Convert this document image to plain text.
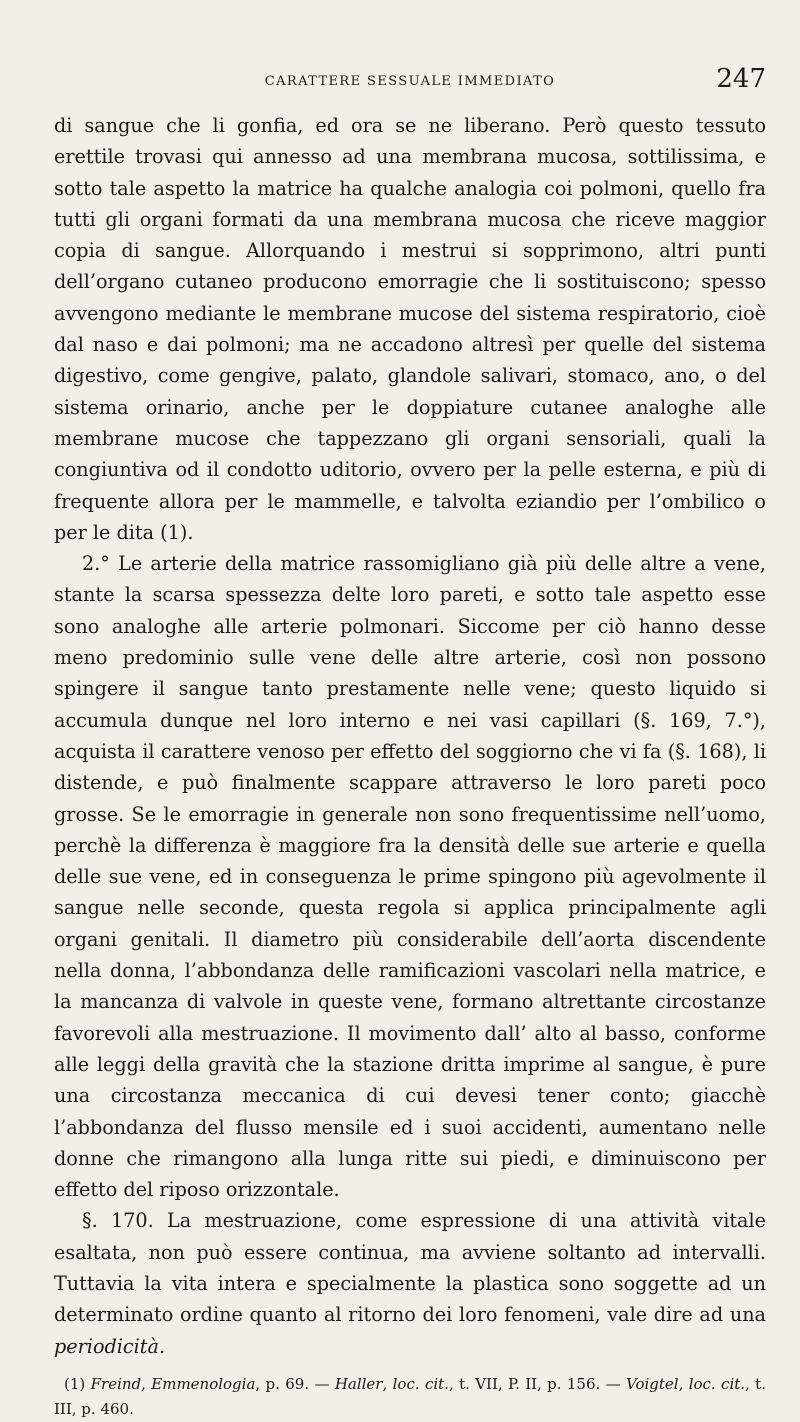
CARATTERE SESSUALE IMMEDIATO	247

di sangue che li gonfia, ed ora se ne liberano. Però questo tessuto erettile trovasi qui annesso ad una membrana mucosa, sottilissima, e sotto tale aspetto la matrice ha qualche analogia coi polmoni, quello fra tutti gli organi formati da una membrana mucosa che riceve maggior copia di sangue. Allorquando i mestrui si sopprimono, altri punti dell’organo cutaneo producono emorragie che li sostituiscono; spesso avvengono mediante le membrane mucose del sistema respiratorio, cioè dal naso e dai polmoni; ma ne accadono altresì per quelle del sistema digestivo, come gengive, palato, glandole salivari, stomaco, ano, o del sistema orinario, anche per le doppiature cutanee analoghe alle membrane mucose che tappezzano gli organi sensoriali, quali la congiuntiva od il condotto uditorio, ovvero per la pelle esterna, e più di frequente allora per le mammelle, e talvolta eziandio per l’ombilico o per le dita (1).

2.° Le arterie della matrice rassomigliano già più delle altre a vene, stante la scarsa spessezza delte loro pareti, e sotto tale aspetto esse sono analoghe alle arterie polmonari. Siccome per ciò hanno desse meno predominio sulle vene delle altre arterie, così non possono spingere il sangue tanto prestamente nelle vene; questo liquido si accumula dunque nel loro interno e nei vasi capillari (§. 169, 7.°), acquista il carattere venoso per effetto del soggiorno che vi fa (§. 168), li distende, e può finalmente scappare attraverso le loro pareti poco grosse. Se le emorragie in generale non sono frequentissime nell’uomo, perchè la differenza è maggiore fra la densità delle sue arterie e quella delle sue vene, ed in conseguenza le prime spingono più agevolmente il sangue nelle seconde, questa regola si applica principalmente agli organi genitali. Il diametro più considerabile dell’aorta discendente nella donna, l’abbondanza delle ramificazioni vascolari nella matrice, e la mancanza di valvole in queste vene, formano altrettante circostanze favorevoli alla mestruazione. Il movimento dall’ alto al basso, conforme alle leggi della gravità che la stazione dritta imprime al sangue, è pure una circostanza meccanica di cui devesi tener conto; giacchè l’abbondanza del flusso mensile ed i suoi accidenti, aumentano nelle donne che rimangono alla lunga ritte sui piedi, e diminuiscono per effetto del riposo orizzontale.

§. 170. La mestruazione, come espressione di una attività vitale esaltata, non può essere continua, ma avviene soltanto ad intervalli. Tuttavia la vita intera e specialmente la plastica sono soggette ad un determinato ordine quanto al ritorno dei loro fenomeni, vale dire ad una periodicità.

(1) Freind, Emmenologia, p. 69. — Haller, loc. cit., t. VII, P. II, p. 156. — Voigtel, loc. cit., t. III, p. 460.
